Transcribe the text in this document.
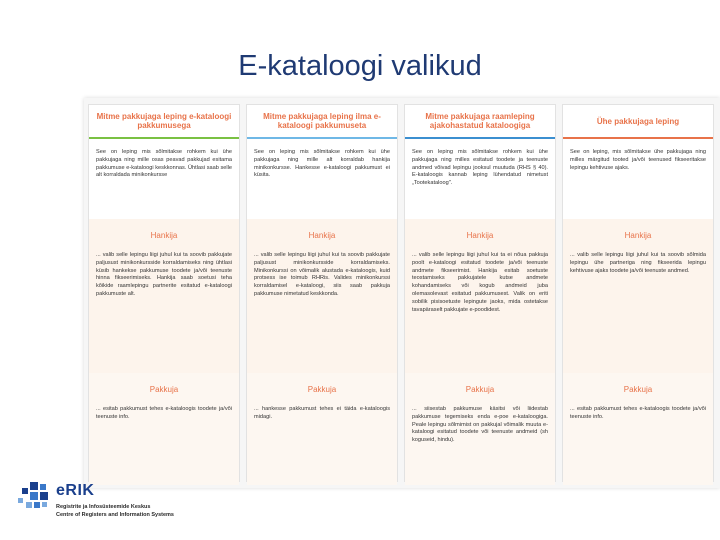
E-kataloogi valikud
Mitme pakkujaga leping e-kataloogi pakkumusega
See on leping mis sõlmitakse rohkem kui ühe pakkujaga ning mille osas peavad pakkujad esitama pakkumuse e-kataloogi keskkonnas. Ühtlasi saab selle alt korraldada minikonkursse
Hankija
... valib selle lepingu liigi juhul kui ta soovib pakkujate paljusust minikonkursside korraldamiseks ning ühtlasi küsib hankekse pakkumuse toodete ja/või teenuste hinna fikseerimiseks. Hankija saab soetusi teha kõikide raamlepingu partnerite esitatud e-kataloogi pakkumuste alt.
Pakkuja
... esitab pakkumust tehes e-kataloogis toodete ja/või teenuste info.
Mitme pakkujaga leping ilma e-kataloogi pakkumuseta
See on leping mis sõlmitakse rohkem kui ühe pakkujaga ning mille alt korraldab hankija minikonkursse. Hankesse e-kataloogi pakkumust ei küsita.
Hankija
... valib selle lepingu liigi juhul kui ta soovib pakkujate paljusust minikonkursside korraldamiseks. Minikonkurssi on võimalik alustada e-kataloogis, kuid protsess ise toimub RHRis. Valides minikonkurssi korraldamisel e-kataloogi, siis saab pakkuja pakkumuse nimetatud keskkonda.
Pakkuja
... hankesse pakkumust tehes ei täida e-kataloogis midagi.
Mitme pakkujaga raamleping ajakohastatud kataloogiga
See on leping mis sõlmitakse rohkem kui ühe pakkujaga ning milles esitatud toodete ja teenuste andmed võivad lepingu jooksul muutuda (RHS § 40). E-kataloogis kannab leping lühendatud nimetust „Tootekataloog".
Hankija
... valib selle lepingu liigi juhul kui ta ei nõua pakkuja poolt e-katalоogi esitatud toodete ja/või teenuste andmete fikseerimist. Hankija esitab soetuste teostamiseks pakkujatele kutse andmete kohandamiseks või kogub andmeid juba olemasolevast esitatud pakkumusest. Valik on eriti sobilik pisisoetuste lepingute jaoks, mida ostetakse tavapäraselt pakkujate e-poodidest.
Pakkuja
... siisestab pakkumuse käsitsi või liidestab pakkumuse tegemiseks enda e-poe e-kataloogiga. Peale lepingu sõlmimist on pakkujal võimalik muuta e-kataloogi esitatud toodete või teenuste andmeid (sh koguseid, hindu).
Ühe pakkujaga leping
See on leping, mis sõlmitakse ühe pakkujaga ning milles märgitud tooted ja/või teenused fikseeritakse lepingu kehtivuse ajaks.
Hankija
... valib selle lepingu liigi juhul kui ta soovib sõlmida lepingu ühe partneriga ning fikseerida lepingu kehtivuse ajaks toodete ja/või teenuste andmed.
Pakkuja
... esitab pakkumust tehes e-kataloogis toodete ja/või teenuste info.
eRIK
Registrite ja Infosüsteemide Keskus
Centre of Registers and Information Systems
